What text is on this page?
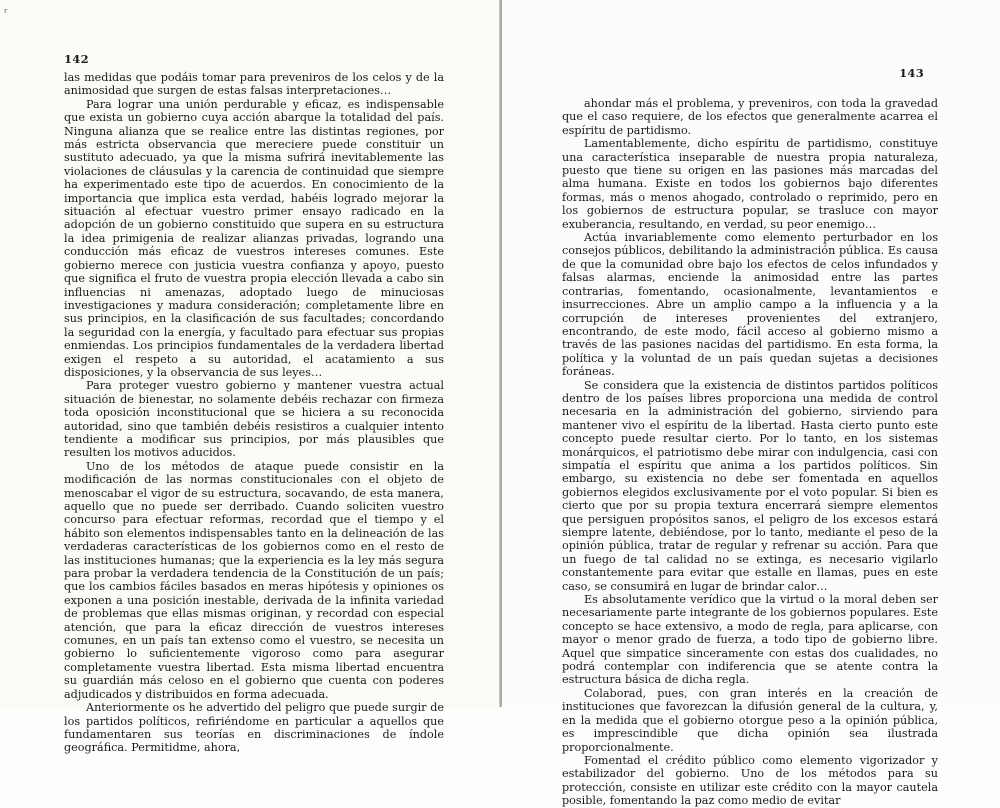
ʳ
142

las medidas que podáis tomar para preveniros de los celos y de la animosidad que surgen de estas falsas interpretaciones…

Para lograr una unión perdurable y eficaz, es indispensable que exista un gobierno cuya acción abarque la totalidad del país. Ninguna alianza que se realice entre las distintas regiones, por más estricta observancia que mereciere puede constituir un sustituto adecuado, ya que la misma sufrirá inevitablemente las violaciones de cláusulas y la carencia de continuidad que siempre ha experimentado este tipo de acuerdos. En conocimiento de la importancia que implica esta verdad, habéis logrado mejorar la situación al efectuar vuestro primer ensayo radicado en la adopción de un gobierno constituido que supera en su estructura la idea primigenia de realizar alianzas privadas, logrando una conducción más eficaz de vuestros intereses comunes. Este gobierno merece con justicia vuestra confianza y apoyo, puesto que significa el fruto de vuestra propia elección llevada a cabo sin influencias ni amenazas, adoptado luego de minuciosas investigaciones y madura consideración; completamente libre en sus principios, en la clasificación de sus facultades; concordando la seguridad con la energía, y facultado para efectuar sus propias enmiendas. Los principios fundamentales de la verdadera libertad exigen el respeto a su autoridad, el acatamiento a sus disposiciones, y la observancia de sus leyes…

Para proteger vuestro gobierno y mantener vuestra actual situación de bienestar, no solamente debéis rechazar con firmeza toda oposición inconstitucional que se hiciera a su reconocida autoridad, sino que también debéis resistiros a cualquier intento tendiente a modificar sus principios, por más plausibles que resulten los motivos aducidos.

Uno de los métodos de ataque puede consistir en la modificación de las normas constitucionales con el objeto de menoscabar el vigor de su estructura, socavando, de esta manera, aquello que no puede ser derribado. Cuando soliciten vuestro concurso para efectuar reformas, recordad que el tiempo y el hábito son elementos indispensables tanto en la delineación de las verdaderas características de los gobiernos como en el resto de las instituciones humanas; que la experiencia es la ley más segura para probar la verdadera tendencia de la Constitución de un país; que los cambios fáciles basados en meras hipótesis y opiniones os exponen a una posición inestable, derivada de la infinita variedad de problemas que ellas mismas originan, y recordad con especial atención, que para la eficaz dirección de vuestros intereses comunes, en un país tan extenso como el vuestro, se necesita un gobierno lo suficientemente vigoroso como para asegurar completamente vuestra libertad. Esta misma libertad encuentra su guardián más celoso en el gobierno que cuenta con poderes adjudicados y distribuidos en forma adecuada.

Anteriormente os he advertido del peligro que puede surgir de los partidos políticos, refiriéndome en particular a aquellos que fundamentaren sus teorías en discriminaciones de índole geográfica. Permitidme, ahora,

143

ahondar más el problema, y preveniros, con toda la gravedad que el caso requiere, de los efectos que generalmente acarrea el espíritu de partidismo.

Lamentablemente, dicho espíritu de partidismo, constituye una característica inseparable de nuestra propia naturaleza, puesto que tiene su origen en las pasiones más marcadas del alma humana. Existe en todos los gobiernos bajo diferentes formas, más o menos ahogado, controlado o reprimido, pero en los gobiernos de estructura popular, se trasluce con mayor exuberancia, resultando, en verdad, su peor enemigo…

Actúa invariablemente como elemento perturbador en los consejos públicos, debilitando la administración pública. Es causa de que la comunidad obre bajo los efectos de celos infundados y falsas alarmas, enciende la animosidad entre las partes contrarias, fomentando, ocasionalmente, levantamientos e insurrecciones. Abre un amplio campo a la influencia y a la corrupción de intereses provenientes del extranjero, encontrando, de este modo, fácil acceso al gobierno mismo a través de las pasiones nacidas del partidismo. En esta forma, la política y la voluntad de un país quedan sujetas a decisiones foráneas.

Se considera que la existencia de distintos partidos políticos dentro de los países libres proporciona una medida de control necesaria en la administración del gobierno, sirviendo para mantener vivo el espíritu de la libertad. Hasta cierto punto este concepto puede resultar cierto. Por lo tanto, en los sistemas monárquicos, el patriotismo debe mirar con indulgencia, casi con simpatía el espíritu que anima a los partidos políticos. Sin embargo, su existencia no debe ser fomentada en aquellos gobiernos elegidos exclusivamente por el voto popular. Si bien es cierto que por su propia textura encerrará siempre elementos que persiguen propósitos sanos, el peligro de los excesos estará siempre latente, debiéndose, por lo tanto, mediante el peso de la opinión pública, tratar de regular y refrenar su acción. Para que un fuego de tal calidad no se extinga, es necesario vigilarlo constantemente para evitar que estalle en llamas, pues en este caso, se consumirá en lugar de brindar calor…

Es absolutamente verídico que la virtud o la moral deben ser necesariamente parte integrante de los gobiernos populares. Este concepto se hace extensivo, a modo de regla, para aplicarse, con mayor o menor grado de fuerza, a todo tipo de gobierno libre. Aquel que simpatice sinceramente con estas dos cualidades, no podrá contemplar con indiferencia que se atente contra la estructura básica de dicha regla.

Colaborad, pues, con gran interés en la creación de instituciones que favorezcan la difusión general de la cultura, y, en la medida que el gobierno otorgue peso a la opinión pública, es imprescindible que dicha opinión sea ilustrada proporcionalmente.

Fomentad el crédito público como elemento vigorizador y estabilizador del gobierno. Uno de los métodos para su protección, consiste en utilizar este crédito con la mayor cautela posible, fomentando la paz como medio de evitar
